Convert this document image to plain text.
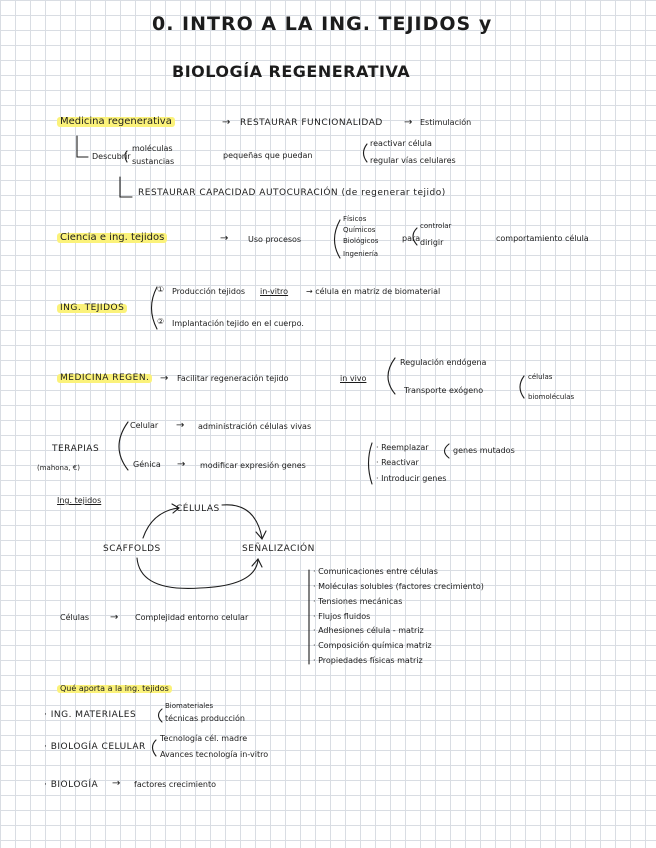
0. INTRO A LA ING. TEJIDOS y
BIOLOGÍA REGENERATIVA
Medicina regenerativa	→ RESTAURAR FUNCIONALIDAD → Estimulación
Descubrir
moléculas
sustancias
pequeñas que puedan
reactivar célula
regular vías celulares
RESTAURAR CAPACIDAD AUTOCURACIÓN (de regenerar tejido)
Ciencia e ing. tejidos	→ Uso procesos
Físicos
Químicos
Biológicos
Ingeniería
para
controlar
dirigir	comportamiento célula
ING. TEJIDOS
① Producción tejidos in-vitro → célula en matriz de biomaterial
② Implantación tejido en el cuerpo.
MEDICINA REGEN.	→ Facilitar regeneración tejido	in vivo
Regulación endógena
Transporte exógeno
células
biomoléculas
TERAPIAS
(mahona, €)
Celular → administración células vivas
Génica → modificar expresión genes
· Reemplazar
· Reactivar
· Introducir genes
genes mutados
Ing. tejidos
CÉLULAS
SCAFFOLDS	SEÑALIZACIÓN
Células → Complejidad entorno celular
· Comunicaciones entre células
· Moléculas solubles (factores crecimiento)
· Tensiones mecánicas
· Flujos fluidos
· Adhesiones célula - matriz
· Composición química matriz
· Propiedades físicas matriz
Qué aporta a la ing. tejidos
· ING. MATERIALES
Biomateriales
técnicas producción
· BIOLOGÍA CELULAR
Tecnología cél. madre
Avances tecnología in-vitro
· BIOLOGÍA → factores crecimiento
